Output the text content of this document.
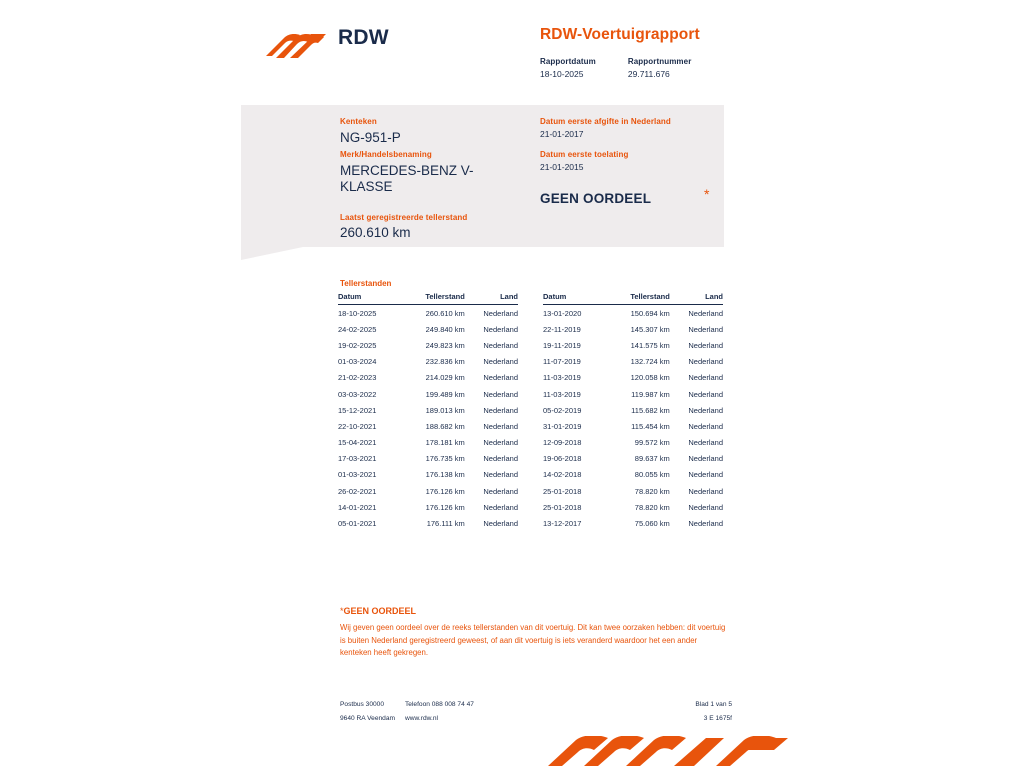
RDW	RDW-Voertuigrapport
Rapportdatum
18-10-2025
Rapportnummer
29.711.676
Kenteken
NG-951-P
Merk/Handelsbenaming
MERCEDES-BENZ V-KLASSE
Laatst geregistreerde tellerstand
260.610 km
Datum eerste afgifte in Nederland
21-01-2017
Datum eerste toelating
21-01-2015
GEEN OORDEEL	*
Tellerstanden
Datum	Tellerstand	Land
18-10-2025	260.610 km	Nederland
24-02-2025	249.840 km	Nederland
19-02-2025	249.823 km	Nederland
01-03-2024	232.836 km	Nederland
21-02-2023	214.029 km	Nederland
03-03-2022	199.489 km	Nederland
15-12-2021	189.013 km	Nederland
22-10-2021	188.682 km	Nederland
15-04-2021	178.181 km	Nederland
17-03-2021	176.735 km	Nederland
01-03-2021	176.138 km	Nederland
26-02-2021	176.126 km	Nederland
14-01-2021	176.126 km	Nederland
05-01-2021	176.111 km	Nederland
Datum	Tellerstand	Land
13-01-2020	150.694 km	Nederland
22-11-2019	145.307 km	Nederland
19-11-2019	141.575 km	Nederland
11-07-2019	132.724 km	Nederland
11-03-2019	120.058 km	Nederland
11-03-2019	119.987 km	Nederland
05-02-2019	115.682 km	Nederland
31-01-2019	115.454 km	Nederland
12-09-2018	99.572 km	Nederland
19-06-2018	89.637 km	Nederland
14-02-2018	80.055 km	Nederland
25-01-2018	78.820 km	Nederland
25-01-2018	78.820 km	Nederland
13-12-2017	75.060 km	Nederland
*GEEN OORDEEL
Wij geven geen oordeel over de reeks tellerstanden van dit voertuig. Dit kan twee oorzaken hebben: dit voertuig is buiten Nederland geregistreerd geweest, of aan dit voertuig is iets veranderd waardoor het een ander kenteken heeft gekregen.
Postbus 30000
9640 RA Veendam
Telefoon 088 008 74 47
www.rdw.nl
Blad 1 van 5
3 E 1675f
